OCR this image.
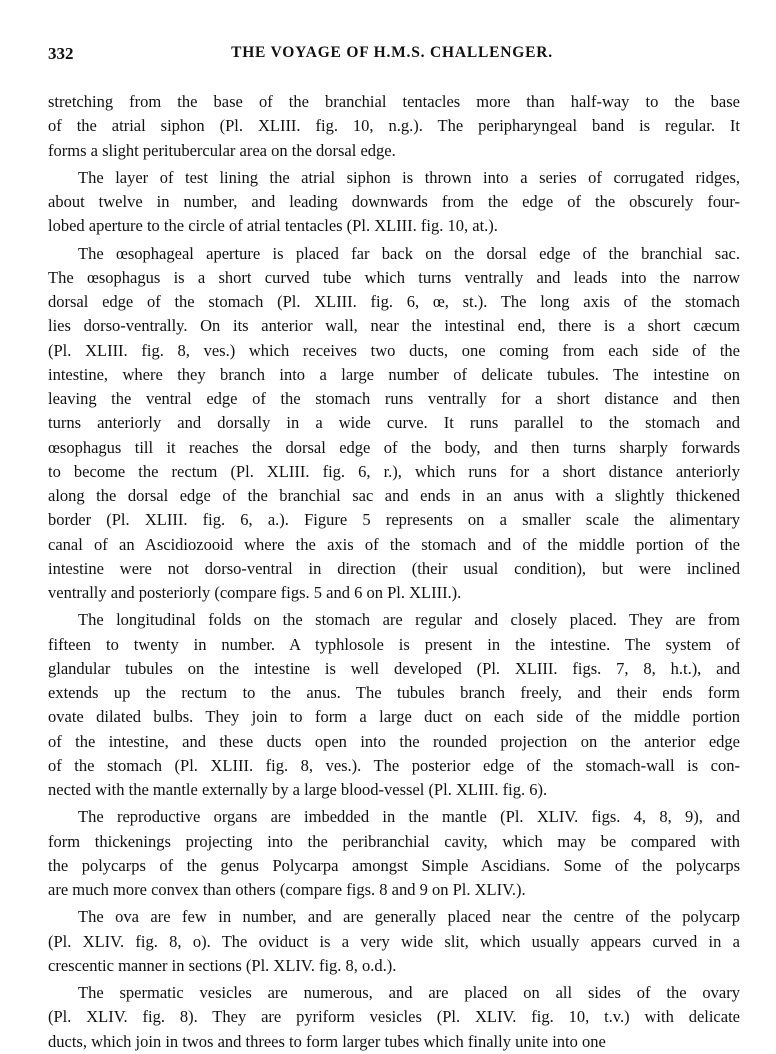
332	THE VOYAGE OF H.M.S. CHALLENGER.

stretching from the base of the branchial tentacles more than half-way to the base
of the atrial siphon (Pl. XLIII. fig. 10, n.g.). The peripharyngeal band is regular. It
forms a slight peritubercular area on the dorsal edge.

The layer of test lining the atrial siphon is thrown into a series of corrugated ridges,
about twelve in number, and leading downwards from the edge of the obscurely four-
lobed aperture to the circle of atrial tentacles (Pl. XLIII. fig. 10, at.).

The œsophageal aperture is placed far back on the dorsal edge of the branchial sac.
The œsophagus is a short curved tube which turns ventrally and leads into the narrow
dorsal edge of the stomach (Pl. XLIII. fig. 6, œ, st.). The long axis of the stomach
lies dorso-ventrally. On its anterior wall, near the intestinal end, there is a short cæcum
(Pl. XLIII. fig. 8, ves.) which receives two ducts, one coming from each side of the
intestine, where they branch into a large number of delicate tubules. The intestine on
leaving the ventral edge of the stomach runs ventrally for a short distance and then
turns anteriorly and dorsally in a wide curve. It runs parallel to the stomach and
œsophagus till it reaches the dorsal edge of the body, and then turns sharply forwards
to become the rectum (Pl. XLIII. fig. 6, r.), which runs for a short distance anteriorly
along the dorsal edge of the branchial sac and ends in an anus with a slightly thickened
border (Pl. XLIII. fig. 6, a.). Figure 5 represents on a smaller scale the alimentary
canal of an Ascidiozooid where the axis of the stomach and of the middle portion of the
intestine were not dorso-ventral in direction (their usual condition), but were inclined
ventrally and posteriorly (compare figs. 5 and 6 on Pl. XLIII.).

The longitudinal folds on the stomach are regular and closely placed. They are from
fifteen to twenty in number. A typhlosole is present in the intestine. The system of
glandular tubules on the intestine is well developed (Pl. XLIII. figs. 7, 8, h.t.), and
extends up the rectum to the anus. The tubules branch freely, and their ends form
ovate dilated bulbs. They join to form a large duct on each side of the middle portion
of the intestine, and these ducts open into the rounded projection on the anterior edge
of the stomach (Pl. XLIII. fig. 8, ves.). The posterior edge of the stomach-wall is con-
nected with the mantle externally by a large blood-vessel (Pl. XLIII. fig. 6).

The reproductive organs are imbedded in the mantle (Pl. XLIV. figs. 4, 8, 9), and
form thickenings projecting into the peribranchial cavity, which may be compared with
the polycarps of the genus Polycarpa amongst Simple Ascidians. Some of the polycarps
are much more convex than others (compare figs. 8 and 9 on Pl. XLIV.).

The ova are few in number, and are generally placed near the centre of the polycarp
(Pl. XLIV. fig. 8, o). The oviduct is a very wide slit, which usually appears curved in a
crescentic manner in sections (Pl. XLIV. fig. 8, o.d.).

The spermatic vesicles are numerous, and are placed on all sides of the ovary
(Pl. XLIV. fig. 8). They are pyriform vesicles (Pl. XLIV. fig. 10, t.v.) with delicate
ducts, which join in twos and threes to form larger tubes which finally unite into one
